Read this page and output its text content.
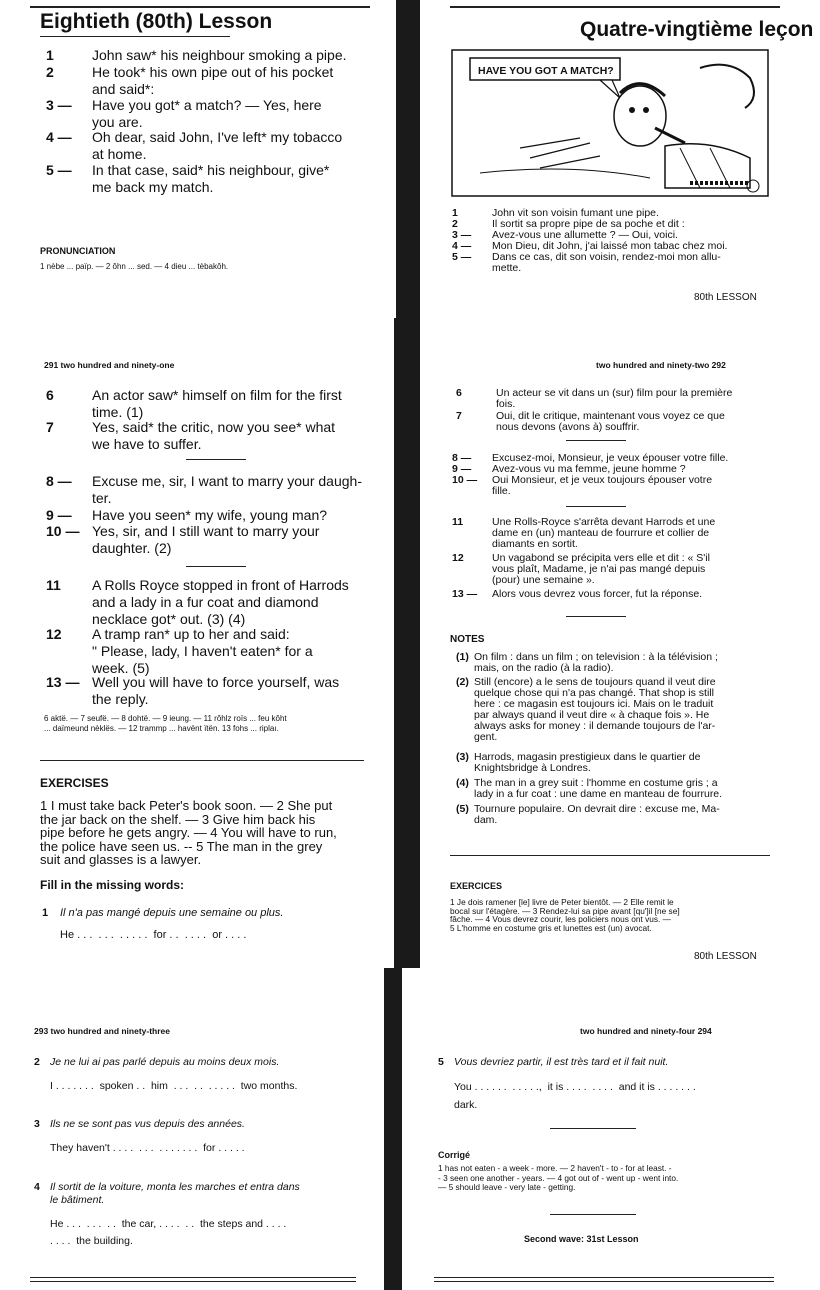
Eightieth (80th) Lesson	Quatre-vingtième leçon
1	John saw* his neighbour smoking a pipe.
2	He took* his own pipe out of his pocket
and said*:
3 —	Have you got* a match? — Yes, here
you are.
4 —	Oh dear, said John, I've left* my tobacco
at home.
5 —	In that case, said* his neighbour, give*
me back my match.
PRONUNCIATION
1 nèbe ... païp. — 2 ôhn ... sed. — 4 dieu ... tèbakôh.
HAVE YOU GOT A MATCH?
1	John vit son voisin fumant une pipe.
2	Il sortit sa propre pipe de sa poche et dit :
3 — Avez-vous une allumette ? — Oui, voici.
4 — Mon Dieu, dit John, j'ai laissé mon tabac chez moi.
5 — Dans ce cas, dit son voisin, rendez-moi mon allu-
mette.
80th LESSON
291 two hundred and ninety-one	two hundred and ninety-two 292
6	An actor saw* himself on film for the first
time. (1)
7	Yes, said* the critic, now you see* what
we have to suffer.
8 —	Excuse me, sir, I want to marry your daugh-
ter.
9 —	Have you seen* my wife, young man?
10 — Yes, sir, and I still want to marry your
daughter. (2)
11	A Rolls Royce stopped in front of Harrods
and a lady in a fur coat and diamond
necklace got* out. (3) (4)
12	A tramp ran* up to her and said:
" Please, lady, I haven't eaten* for a
week. (5)
13 — Well you will have to force yourself, was
the reply.
6 aktë. — 7 seufë. — 8 dohtë. — 9 ieung. — 11 rôhlz roïs ... feu kôht
... daïmeund nèklës. — 12 trammp ... havënt ïtën. 13 fohs ... riplaı.
EXERCISES
1 I must take back Peter's book soon. — 2 She put
the jar back on the shelf. — 3 Give him back his
pipe before he gets angry. — 4 You will have to run,
the police have seen us. -- 5 The man in the grey
suit and glasses is a lawyer.
Fill in the missing words:
1 Il n'a pas mangé depuis une semaine ou plus.
He . . .  . . .  . . . . .  for . .  . . . .  or . . . .
6	Un acteur se vit dans un (sur) film pour la première
fois.
7	Oui, dit le critique, maintenant vous voyez ce que
nous devons (avons à) souffrir.
8 — Excusez-moi, Monsieur, je veux épouser votre fille.
9 — Avez-vous vu ma femme, jeune homme ?
10 — Oui Monsieur, et je veux toujours épouser votre
fille.
11	Une Rolls-Royce s'arrêta devant Harrods et une
dame en (un) manteau de fourrure et collier de
diamants en sortit.
12	Un vagabond se précipita vers elle et dit : « S'il
vous plaît, Madame, je n'ai pas mangé depuis
(pour) une semaine ».
13 — Alors vous devrez vous forcer, fut la réponse.
NOTES
(1) On film : dans un film ; on television : à la télévision ;
mais, on the radio (à la radio).
(2) Still (encore) a le sens de toujours quand il veut dire
quelque chose qui n'a pas changé. That shop is still
here : ce magasin est toujours ici. Mais on le traduit
par always quand il veut dire « à chaque fois ». He
always asks for money : il demande toujours de l'ar-
gent.
(3) Harrods, magasin prestigieux dans le quartier de
Knightsbridge à Londres.
(4) The man in a grey suit : l'homme en costume gris ; a
lady in a fur coat : une dame en manteau de fourrure.
(5) Tournure populaire. On devrait dire : excuse me, Ma-
dam.
EXERCICES
1 Je dois ramener [le] livre de Peter bientôt. — 2 Elle remit le
bocal sur l'étagère. — 3 Rendez-lui sa pipe avant [qu']il [ne se]
fâche. — 4 Vous devrez courir, les policiers nous ont vus. —
5 L'homme en costume gris et lunettes est (un) avocat.
80th LESSON
293 two hundred and ninety-three	two hundred and ninety-four 294
2 Je ne lui ai pas parlé depuis au moins deux mois.
I . . . . . . .  spoken . .  him  . . .  . .  . . . . .  two months.
3 Ils ne se sont pas vus depuis des années.
They haven't . . . .  . . .  . . . . . . .  for . . . . .
4 Il sortit de la voiture, monta les marches et entra dans
le bâtiment.
He . . .  . . .  . .  the car, . . . .  . .  the steps and . . . .
. . . .  the building.
5 Vous devriez partir, il est très tard et il fait nuit.
You . . . . . .  . . . . .,  it is . . . .  . . . .  and it is . . . . . . .
dark.
Corrigé
1 has not eaten - a week - more. — 2 haven't - to - for at least. -
- 3 seen one another - years. — 4 got out of - went up - went into.
— 5 should leave - very late - getting.
Second wave: 31st Lesson
